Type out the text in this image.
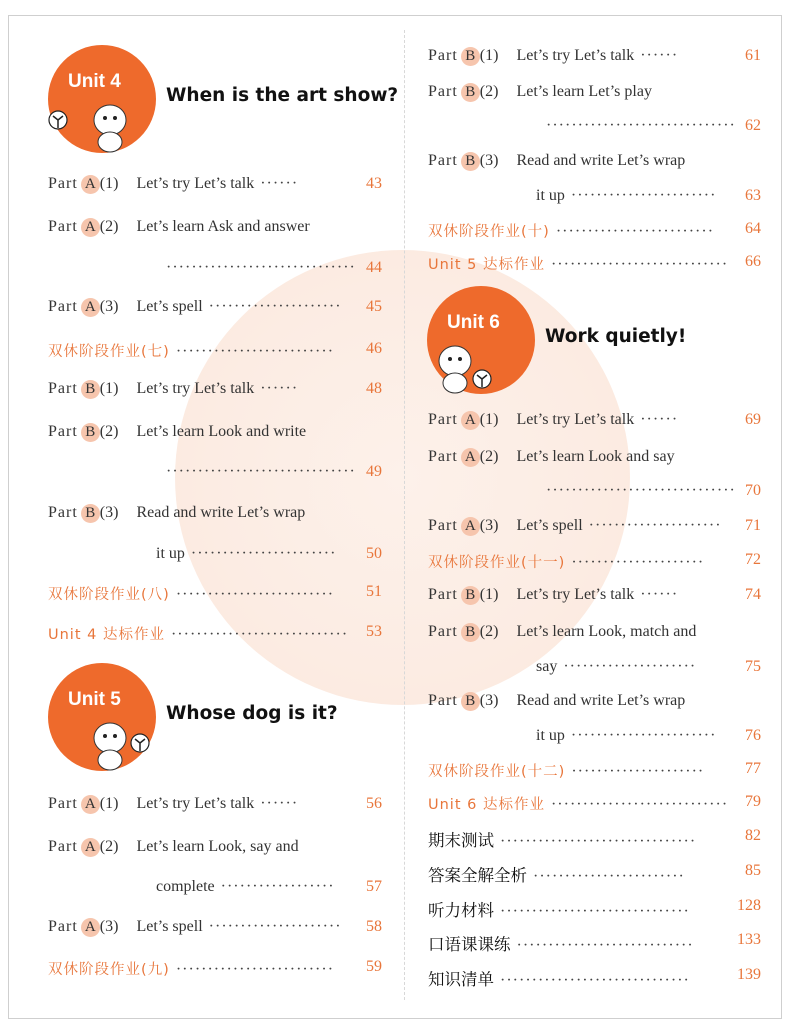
Unit 4
When is the art show?
Unit 5
Whose dog is it?
Unit 6
Work quietly!
Part A (1) Let’s try Let’s talk ······	43
Part A (2) Let’s learn Ask and answer
······························ 44
Part A (3) Let’s spell ····················· 45
双休阶段作业(七) ························· 46
Part B (1) Let’s try Let’s talk ······	48
Part B (2) Let’s learn Look and write
······························ 49
Part B (3) Read and write Let’s wrap
it up ······················· 50
双休阶段作业(八) ························· 51
Unit 4 达标作业 ···························· 53
Part A (1) Let’s try Let’s talk ······	56
Part A (2) Let’s learn Look, say and
complete ·················· 57
Part A (3) Let’s spell ····················· 58
双休阶段作业(九) ························· 59
Part B (1) Let’s try Let’s talk ······	61
Part B (2) Let’s learn Let’s play
······························ 62
Part B (3) Read and write Let’s wrap
it up ······················· 63
双休阶段作业(十) ························· 64
Unit 5 达标作业 ···························· 66
Part A (1) Let’s try Let’s talk ······	69
Part A (2) Let’s learn Look and say
······························ 70
Part A (3) Let’s spell ····················· 71
双休阶段作业(十一) ·····················	72
Part B (1) Let’s try Let’s talk ······	74
Part B (2) Let’s learn Look, match and
say ·····················	75
Part B (3) Read and write Let’s wrap
it up ······················· 76
双休阶段作业(十二) ·····················	77
Unit 6 达标作业 ···························· 79
期末测试 ·······························	82
答案全解全析 ························	85
听力材料 ······························	128
口语课课练 ····························	133
知识清单 ······························	139
